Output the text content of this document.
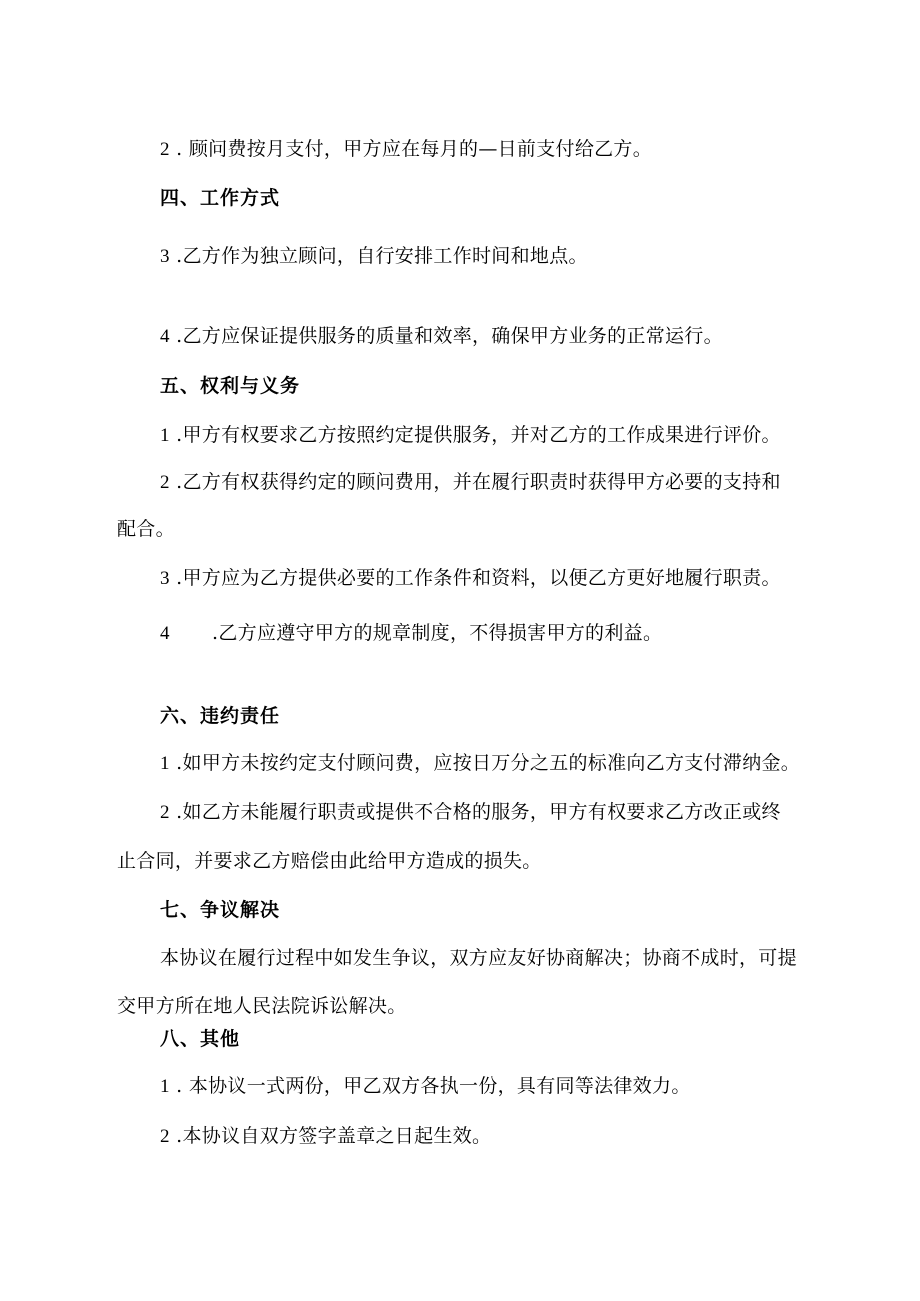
2 . 顾问费按月支付，甲方应在每月的—日前支付给乙方。
四、工作方式
3 .乙方作为独立顾问，自行安排工作时间和地点。
4 .乙方应保证提供服务的质量和效率，确保甲方业务的正常运行。
五、权利与义务
1 .甲方有权要求乙方按照约定提供服务，并对乙方的工作成果进行评价。
2 .乙方有权获得约定的顾问费用，并在履行职责时获得甲方必要的支持和
配合。
3 .甲方应为乙方提供必要的工作条件和资料，以便乙方更好地履行职责。
4 .乙方应遵守甲方的规章制度，不得损害甲方的利益。
六、违约责任
1 .如甲方未按约定支付顾问费，应按日万分之五的标准向乙方支付滞纳金。
2 .如乙方未能履行职责或提供不合格的服务，甲方有权要求乙方改正或终
止合同，并要求乙方赔偿由此给甲方造成的损失。
七、争议解决
本协议在履行过程中如发生争议，双方应友好协商解决；协商不成时，可提
交甲方所在地人民法院诉讼解决。
八、其他
1 . 本协议一式两份，甲乙双方各执一份，具有同等法律效力。
2 .本协议自双方签字盖章之日起生效。
